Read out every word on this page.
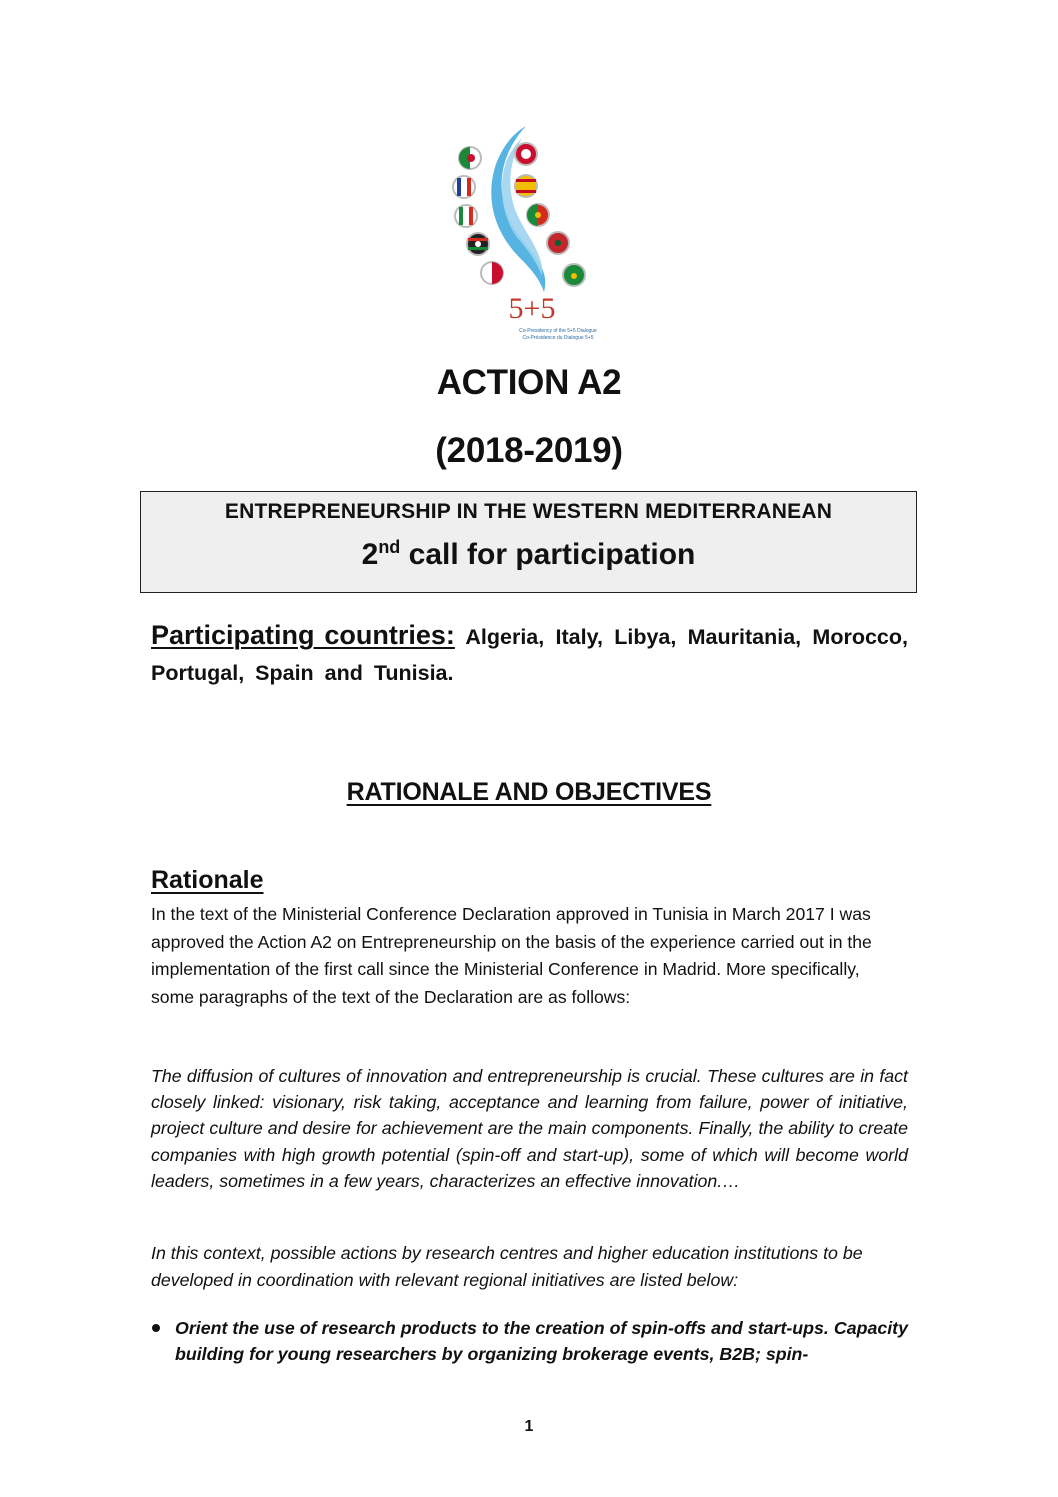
5+5
Co-Presidency of the 5+5 Dialogue
Co-Présidence du Dialogue 5+5
ACTION A2
(2018-2019)
ENTREPRENEURSHIP IN THE WESTERN MEDITERRANEAN
2nd call for participation
Participating countries: Algeria, Italy, Libya, Mauritania, Morocco, Portugal, Spain and Tunisia.
RATIONALE AND OBJECTIVES
Rationale
In the text of the Ministerial Conference Declaration approved in Tunisia in March 2017 I was approved the Action A2 on Entrepreneurship on the basis of the experience carried out in the implementation of the first call since the Ministerial Conference in Madrid. More specifically, some paragraphs of the text of the Declaration are as follows:
The diffusion of cultures of innovation and entrepreneurship is crucial. These cultures are in fact closely linked: visionary, risk taking, acceptance and learning from failure, power of initiative, project culture and desire for achievement are the main components. Finally, the ability to create companies with high growth potential (spin-off and start-up), some of which will become world leaders, sometimes in a few years, characterizes an effective innovation.…
In this context, possible actions by research centres and higher education institutions to be developed in coordination with relevant regional initiatives are listed below:
Orient the use of research products to the creation of spin-offs and start-ups. Capacity building for young researchers by organizing brokerage events, B2B; spin-
1
